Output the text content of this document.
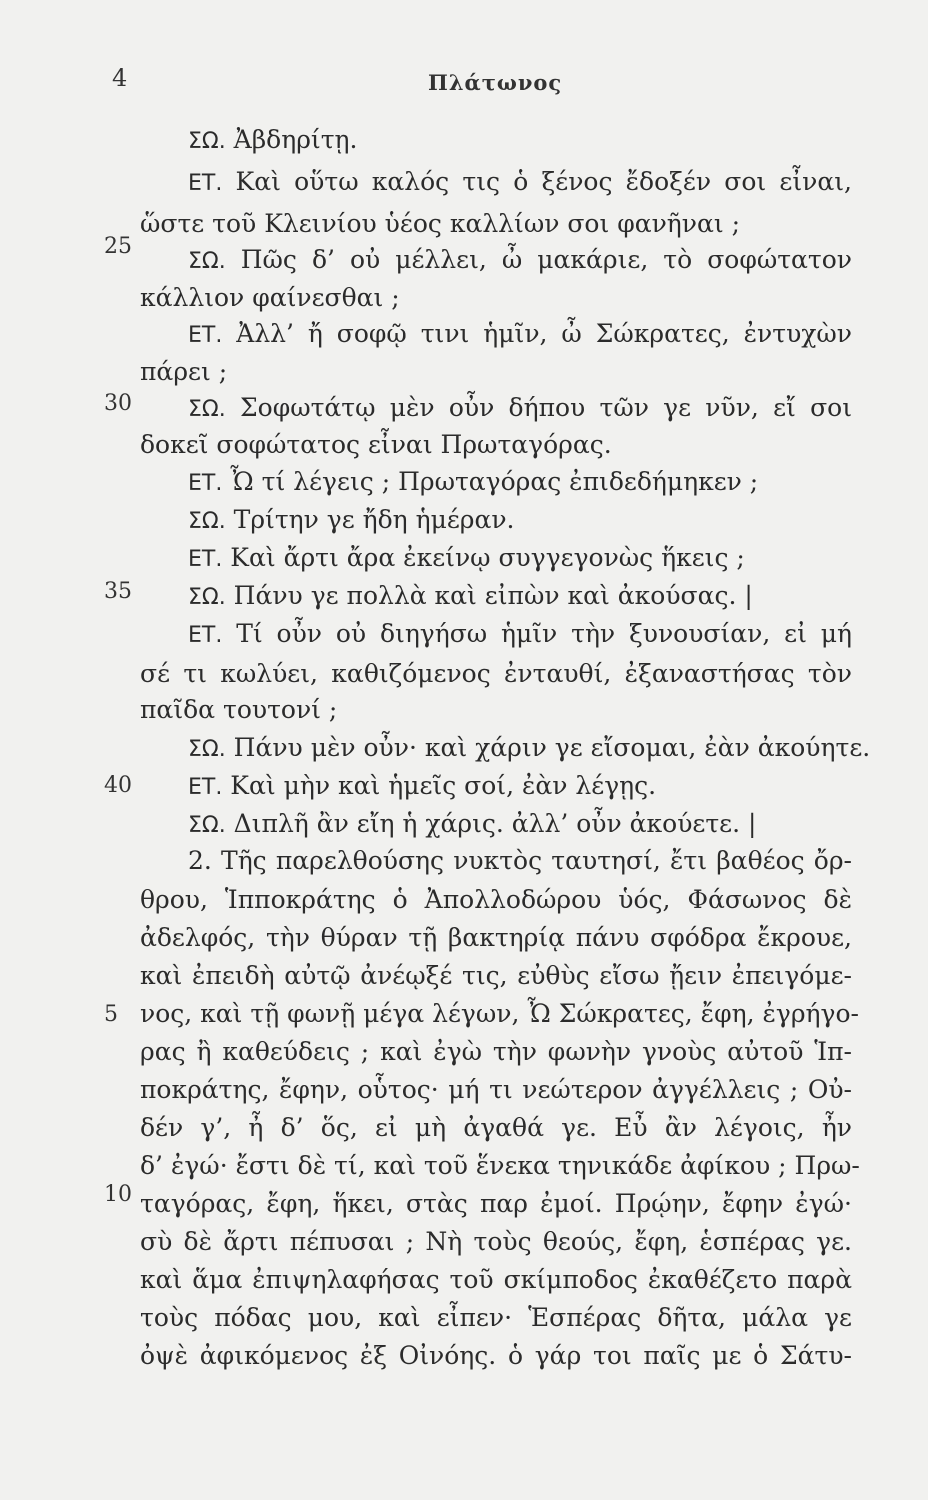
4	Πλάτωνος
25
30
35
40
5
10
ΣΩ. Ἀβδηρίτῃ.
ΕΤ. Καὶ οὕτω καλός τις ὁ ξένος ἔδοξέν σοι εἶναι,
ὥστε τοῦ Κλεινίου ὑέος καλλίων σοι φανῆναι ;
ΣΩ. Πῶς δ’ οὐ μέλλει, ὦ μακάριε, τὸ σοφώτατον
κάλλιον φαίνεσθαι ;
ΕΤ. Ἀλλ’ ἤ σοφῷ τινι ἡμῖν, ὦ Σώκρατες, ἐντυχὼν
πάρει ;
ΣΩ. Σοφωτάτῳ μὲν οὖν δήπου τῶν γε νῦν, εἴ σοι
δοκεῖ σοφώτατος εἶναι Πρωταγόρας.
ΕΤ. Ὦ τί λέγεις ; Πρωταγόρας ἐπιδεδήμηκεν ;
ΣΩ. Τρίτην γε ἤδη ἡμέραν.
ΕΤ. Καὶ ἄρτι ἄρα ἐκείνῳ συγγεγονὼς ἥκεις ;
ΣΩ. Πάνυ γε πολλὰ καὶ εἰπὼν καὶ ἀκούσας. |
ΕΤ. Τί οὖν οὐ διηγήσω ἡμῖν τὴν ξυνουσίαν, εἰ μή
σέ τι κωλύει, καθιζόμενος ἐνταυθί, ἐξαναστήσας τὸν
παῖδα τουτονί ;
ΣΩ. Πάνυ μὲν οὖν· καὶ χάριν γε εἴσομαι, ἐὰν ἀκούητε.
ΕΤ. Καὶ μὴν καὶ ἡμεῖς σοί, ἐὰν λέγῃς.
ΣΩ. Διπλῆ ἂν εἴη ἡ χάρις. ἀλλ’ οὖν ἀκούετε. |
2. Τῆς παρελθούσης νυκτὸς ταυτησί, ἔτι βαθέος ὄρ-
θρου, Ἱπποκράτης ὁ Ἀπολλοδώρου ὑός, Φάσωνος δὲ
ἀδελφός, τὴν θύραν τῇ βακτηρίᾳ πάνυ σφόδρα ἔκρουε,
καὶ ἐπειδὴ αὐτῷ ἀνέῳξέ τις, εὐθὺς εἴσω ᾔειν ἐπειγόμε-
νος, καὶ τῇ φωνῇ μέγα λέγων, Ὦ Σώκρατες, ἔφη, ἐγρήγο-
ρας ἢ καθεύδεις ; καὶ ἐγὼ τὴν φωνὴν γνοὺς αὐτοῦ Ἱπ-
ποκράτης, ἔφην, οὗτος· μή τι νεώτερον ἀγγέλλεις ; Οὐ-
δέν γ’, ἦ δ’ ὅς, εἰ μὴ ἀγαθά γε. Εὖ ἂν λέγοις, ἦν
δ’ ἐγώ· ἔστι δὲ τί, καὶ τοῦ ἕνεκα τηνικάδε ἀφίκου ; Πρω-
ταγόρας, ἔφη, ἥκει, στὰς παρ ἐμοί. Πρῴην, ἔφην ἐγώ·
σὺ δὲ ἄρτι πέπυσαι ; Νὴ τοὺς θεούς, ἔφη, ἑσπέρας γε.
καὶ ἅμα ἐπιψηλαφήσας τοῦ σκίμποδος ἐκαθέζετο παρὰ
τοὺς πόδας μου, καὶ εἶπεν· Ἑσπέρας δῆτα, μάλα γε
ὀψὲ ἀφικόμενος ἐξ Οἰνόης. ὁ γάρ τοι παῖς με ὁ Σάτυ-
